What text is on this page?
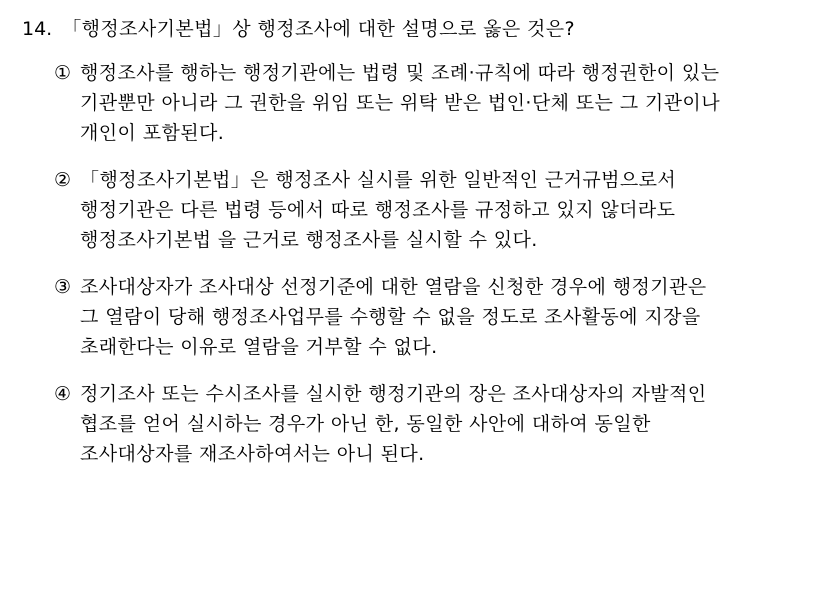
14. 「행정조사기본법」상 행정조사에 대한 설명으로 옳은 것은?
① 행정조사를 행하는 행정기관에는 법령 및 조례·규칙에 따라 행정권한이 있는 기관뿐만 아니라 그 권한을 위임 또는 위탁 받은 법인·단체 또는 그 기관이나 개인이 포함된다.
② 「행정조사기본법」은 행정조사 실시를 위한 일반적인 근거규범으로서 행정기관은 다른 법령 등에서 따로 행정조사를 규정하고 있지 않더라도 행정조사기본법 을 근거로 행정조사를 실시할 수 있다.
③ 조사대상자가 조사대상 선정기준에 대한 열람을 신청한 경우에 행정기관은 그 열람이 당해 행정조사업무를 수행할 수 없을 정도로 조사활동에 지장을 초래한다는 이유로 열람을 거부할 수 없다.
④ 정기조사 또는 수시조사를 실시한 행정기관의 장은 조사대상자의 자발적인 협조를 얻어 실시하는 경우가 아닌 한, 동일한 사안에 대하여 동일한 조사대상자를 재조사하여서는 아니 된다.
